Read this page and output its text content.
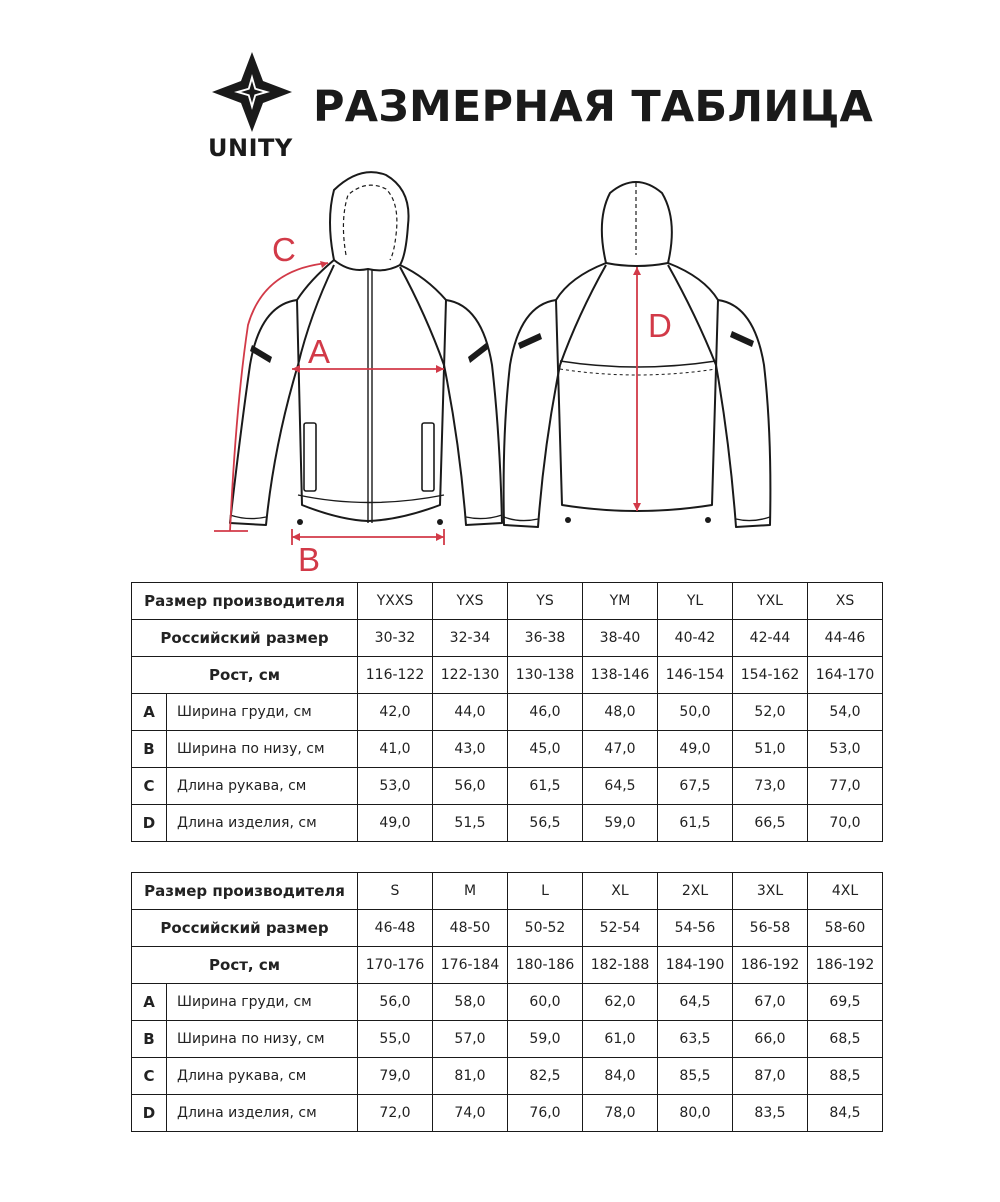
UNITY
РАЗМЕРНАЯ ТАБЛИЦА
A
B
C
D
Размер производителя		YXXS	YXS	YS	YM	YL	YXL	XS
Российский размер		30-32	32-34	36-38	38-40	40-42	42-44	44-46
Рост, см		116-122	122-130	130-138	138-146	146-154	154-162	164-170
A	Ширина груди, см	42,0	44,0	46,0	48,0	50,0	52,0	54,0
B	Ширина по низу, см	41,0	43,0	45,0	47,0	49,0	51,0	53,0
C	Длина рукава, см	53,0	56,0	61,5	64,5	67,5	73,0	77,0
D	Длина изделия, см	49,0	51,5	56,5	59,0	61,5	66,5	70,0
Размер производителя		S	M	L	XL	2XL	3XL	4XL
Российский размер		46-48	48-50	50-52	52-54	54-56	56-58	58-60
Рост, см		170-176	176-184	180-186	182-188	184-190	186-192	186-192
A	Ширина груди, см	56,0	58,0	60,0	62,0	64,5	67,0	69,5
B	Ширина по низу, см	55,0	57,0	59,0	61,0	63,5	66,0	68,5
C	Длина рукава, см	79,0	81,0	82,5	84,0	85,5	87,0	88,5
D	Длина изделия, см	72,0	74,0	76,0	78,0	80,0	83,5	84,5
